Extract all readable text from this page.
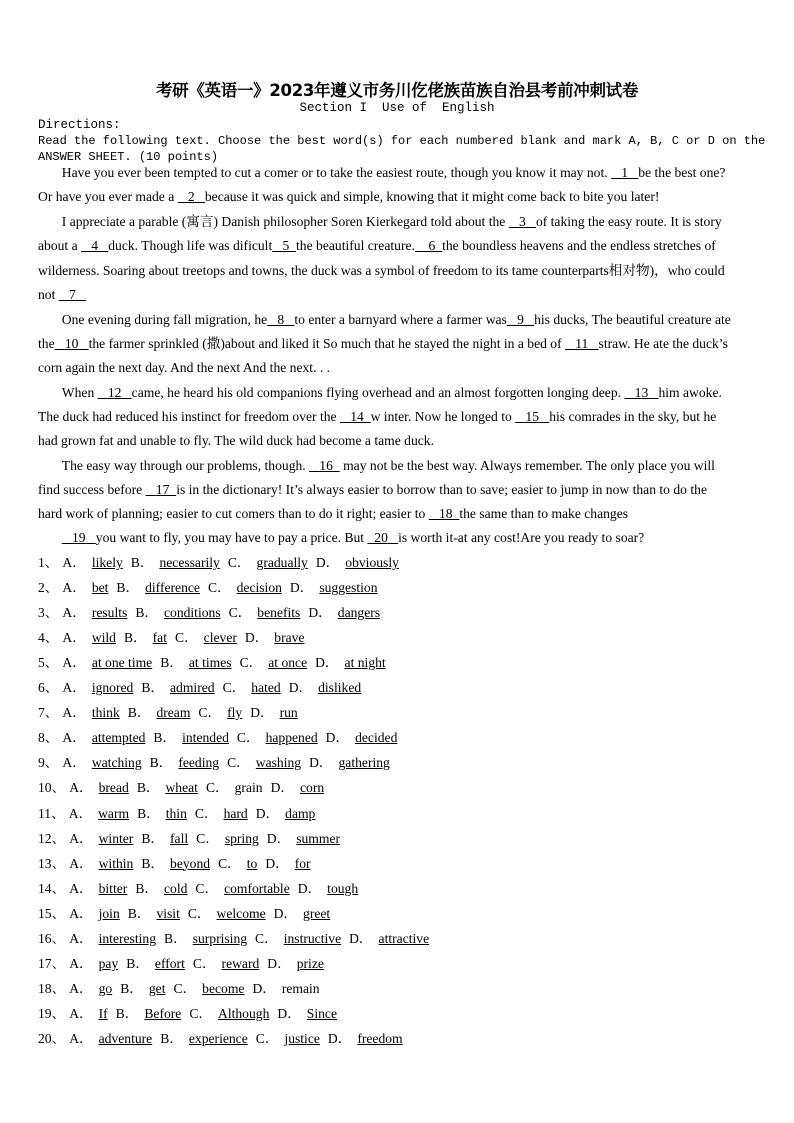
考研《英语一》2023年遵义市务川仡佬族苗族自治县考前冲刺试卷
Section I  Use of  English
Directions:
Read the following text. Choose the best word(s) for each numbered blank and mark A, B, C or D on the
ANSWER SHEET. (10 points)
Have you ever been tempted to cut a comer or to take the easiest route, though you know it may not. 1 be the best one?
Or have you ever made a 2 because it was quick and simple, knowing that it might come back to bite you later!
I appreciate a parable (寓言) Danish philosopher Soren Kierkegard told about the 3 of taking the easy route. It is story
about a 4 duck. Though life was dificult 5 the beautiful creature. 6 the boundless heavens and the endless stretches of
wilderness. Soaring about treetops and towns, the duck was a symbol of freedom to its tame counterparts相对物)，who could
not 7
One evening during fall migration, he 8 to enter a barnyard where a farmer was 9 his ducks, The beautiful creature ate
the 10 the farmer sprinkled (撒)about and liked it So much that he stayed the night in a bed of 11 straw. He ate the duck’s
corn again the next day. And the next And the next. . .
When 12 came, he heard his old companions flying overhead and an almost forgotten longing deep. 13 him awoke.
The duck had reduced his instinct for freedom over the 14 w inter. Now he longed to 15 his comrades in the sky, but he
had grown fat and unable to fly. The wild duck had become a tame duck.
The easy way through our problems, though. 16 may not be the best way. Always remember. The only place you will
find success before 17 is in the dictionary! It’s always easier to borrow than to save; easier to jump in now than to do the
hard work of planning; easier to cut comers than to do it right; easier to 18 the same than to make changes
19 you want to fly, you may have to pay a price. But 20 is worth it-at any cost!Are you ready to soar?
1、 A． likely B． necessarily C． gradually D． obviously
2、 A． bet B． difference C． decision D． suggestion
3、 A． results B． conditions C． benefits D． dangers
4、 A． wild B． fat C． clever D． brave
5、 A． at one time B． at times C． at once D． at night
6、 A． ignored B． admired C． hated D． disliked
7、 A． think B． dream C． fly D． run
8、 A． attempted B． intended C． happened D． decided
9、 A． watching B． feeding C． washing D． gathering
10、 A． bread B． wheat C． grain D． corn
11、 A． warm B． thin C． hard D． damp
12、 A． winter B． fall C． spring D． summer
13、 A． within B． beyond C． to D． for
14、 A． bitter B． cold C． comfortable D． tough
15、 A． join B． visit C． welcome D． greet
16、 A． interesting B． surprising C． instructive D． attractive
17、 A． pay B． effort C． reward D． prize
18、 A． go B． get C． become D． remain
19、 A． If B． Before C． Although D． Since
20、 A． adventure B． experience C． justice D． freedom
